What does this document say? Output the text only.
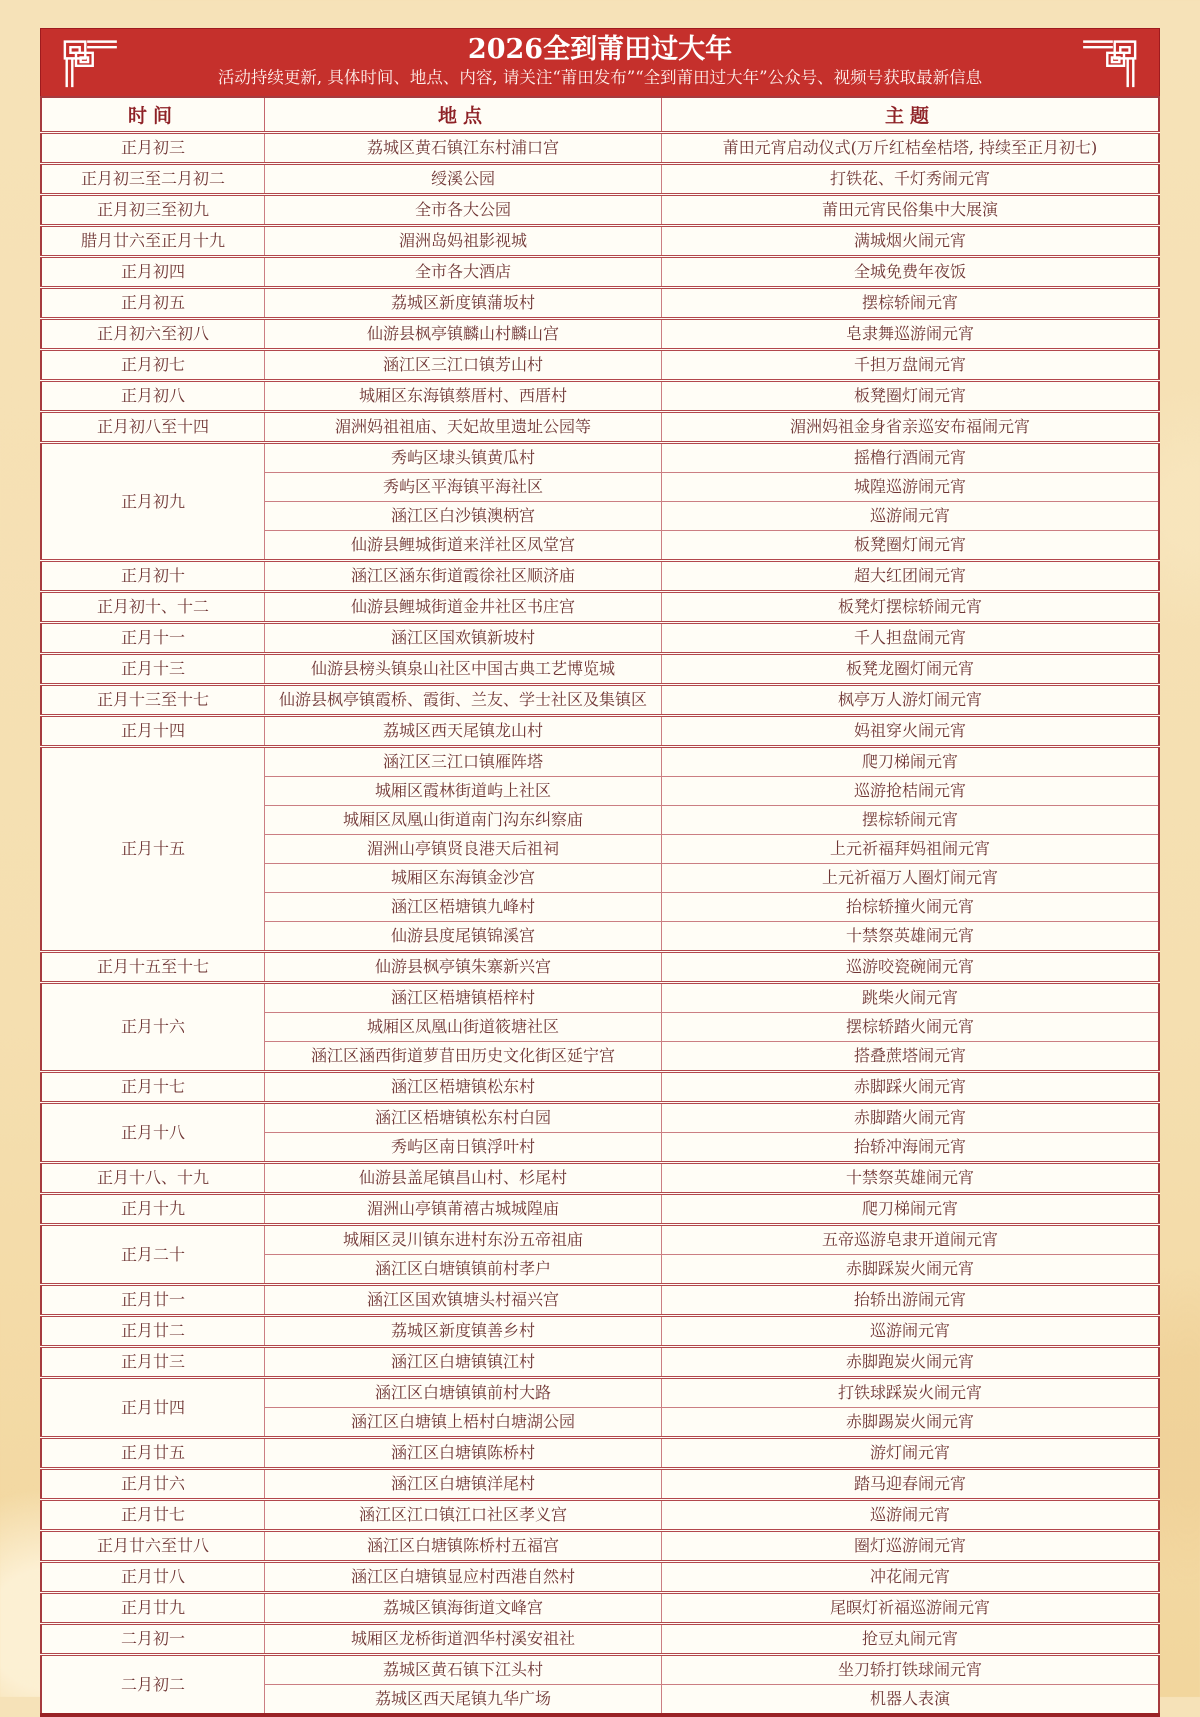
2026全到莆田过大年
活动持续更新, 具体时间、地点、内容, 请关注“莆田发布”“全到莆田过大年”公众号、视频号获取最新信息
时间	地点	主题
正月初三	荔城区黄石镇江东村浦口宫	莆田元宵启动仪式(万斤红桔垒桔塔, 持续至正月初七)
正月初三至二月初二	绶溪公园	打铁花、千灯秀闹元宵
正月初三至初九	全市各大公园	莆田元宵民俗集中大展演
腊月廿六至正月十九	湄洲岛妈祖影视城	满城烟火闹元宵
正月初四	全市各大酒店	全城免费年夜饭
正月初五	荔城区新度镇蒲坂村	摆棕轿闹元宵
正月初六至初八	仙游县枫亭镇麟山村麟山宫	皂隶舞巡游闹元宵
正月初七	涵江区三江口镇芳山村	千担万盘闹元宵
正月初八	城厢区东海镇蔡厝村、西厝村	板凳圈灯闹元宵
正月初八至十四	湄洲妈祖祖庙、天妃故里遗址公园等	湄洲妈祖金身省亲巡安布福闹元宵
正月初九	秀屿区埭头镇黄瓜村	摇橹行酒闹元宵
	秀屿区平海镇平海社区	城隍巡游闹元宵
	涵江区白沙镇澳柄宫	巡游闹元宵
	仙游县鲤城街道来洋社区凤堂宫	板凳圈灯闹元宵
正月初十	涵江区涵东街道霞徐社区顺济庙	超大红团闹元宵
正月初十、十二	仙游县鲤城街道金井社区书庄宫	板凳灯摆棕轿闹元宵
正月十一	涵江区国欢镇新坡村	千人担盘闹元宵
正月十三	仙游县榜头镇泉山社区中国古典工艺博览城	板凳龙圈灯闹元宵
正月十三至十七	仙游县枫亭镇霞桥、霞街、兰友、学士社区及集镇区	枫亭万人游灯闹元宵
正月十四	荔城区西天尾镇龙山村	妈祖穿火闹元宵
正月十五	涵江区三江口镇雁阵塔	爬刀梯闹元宵
	城厢区霞林街道屿上社区	巡游抢桔闹元宵
	城厢区凤凰山街道南门沟东纠察庙	摆棕轿闹元宵
	湄洲山亭镇贤良港天后祖祠	上元祈福拜妈祖闹元宵
	城厢区东海镇金沙宫	上元祈福万人圈灯闹元宵
	涵江区梧塘镇九峰村	抬棕轿撞火闹元宵
	仙游县度尾镇锦溪宫	十禁祭英雄闹元宵
正月十五至十七	仙游县枫亭镇朱寨新兴宫	巡游咬瓷碗闹元宵
正月十六	涵江区梧塘镇梧梓村	跳柴火闹元宵
	城厢区凤凰山街道筱塘社区	摆棕轿踏火闹元宵
	涵江区涵西街道萝苜田历史文化街区延宁宫	搭叠蔗塔闹元宵
正月十七	涵江区梧塘镇松东村	赤脚踩火闹元宵
正月十八	涵江区梧塘镇松东村白园	赤脚踏火闹元宵
	秀屿区南日镇浮叶村	抬轿冲海闹元宵
正月十八、十九	仙游县盖尾镇昌山村、杉尾村	十禁祭英雄闹元宵
正月十九	湄洲山亭镇莆禧古城城隍庙	爬刀梯闹元宵
正月二十	城厢区灵川镇东进村东汾五帝祖庙	五帝巡游皂隶开道闹元宵
	涵江区白塘镇镇前村孝户	赤脚踩炭火闹元宵
正月廿一	涵江区国欢镇塘头村福兴宫	抬轿出游闹元宵
正月廿二	荔城区新度镇善乡村	巡游闹元宵
正月廿三	涵江区白塘镇镇江村	赤脚跑炭火闹元宵
正月廿四	涵江区白塘镇镇前村大路	打铁球踩炭火闹元宵
	涵江区白塘镇上梧村白塘湖公园	赤脚踢炭火闹元宵
正月廿五	涵江区白塘镇陈桥村	游灯闹元宵
正月廿六	涵江区白塘镇洋尾村	踏马迎春闹元宵
正月廿七	涵江区江口镇江口社区孝义宫	巡游闹元宵
正月廿六至廿八	涵江区白塘镇陈桥村五福宫	圈灯巡游闹元宵
正月廿八	涵江区白塘镇显应村西港自然村	冲花闹元宵
正月廿九	荔城区镇海街道文峰宫	尾暝灯祈福巡游闹元宵
二月初一	城厢区龙桥街道泗华村溪安祖社	抢豆丸闹元宵
二月初二	荔城区黄石镇下江头村	坐刀轿打铁球闹元宵
	荔城区西天尾镇九华广场	机器人表演
